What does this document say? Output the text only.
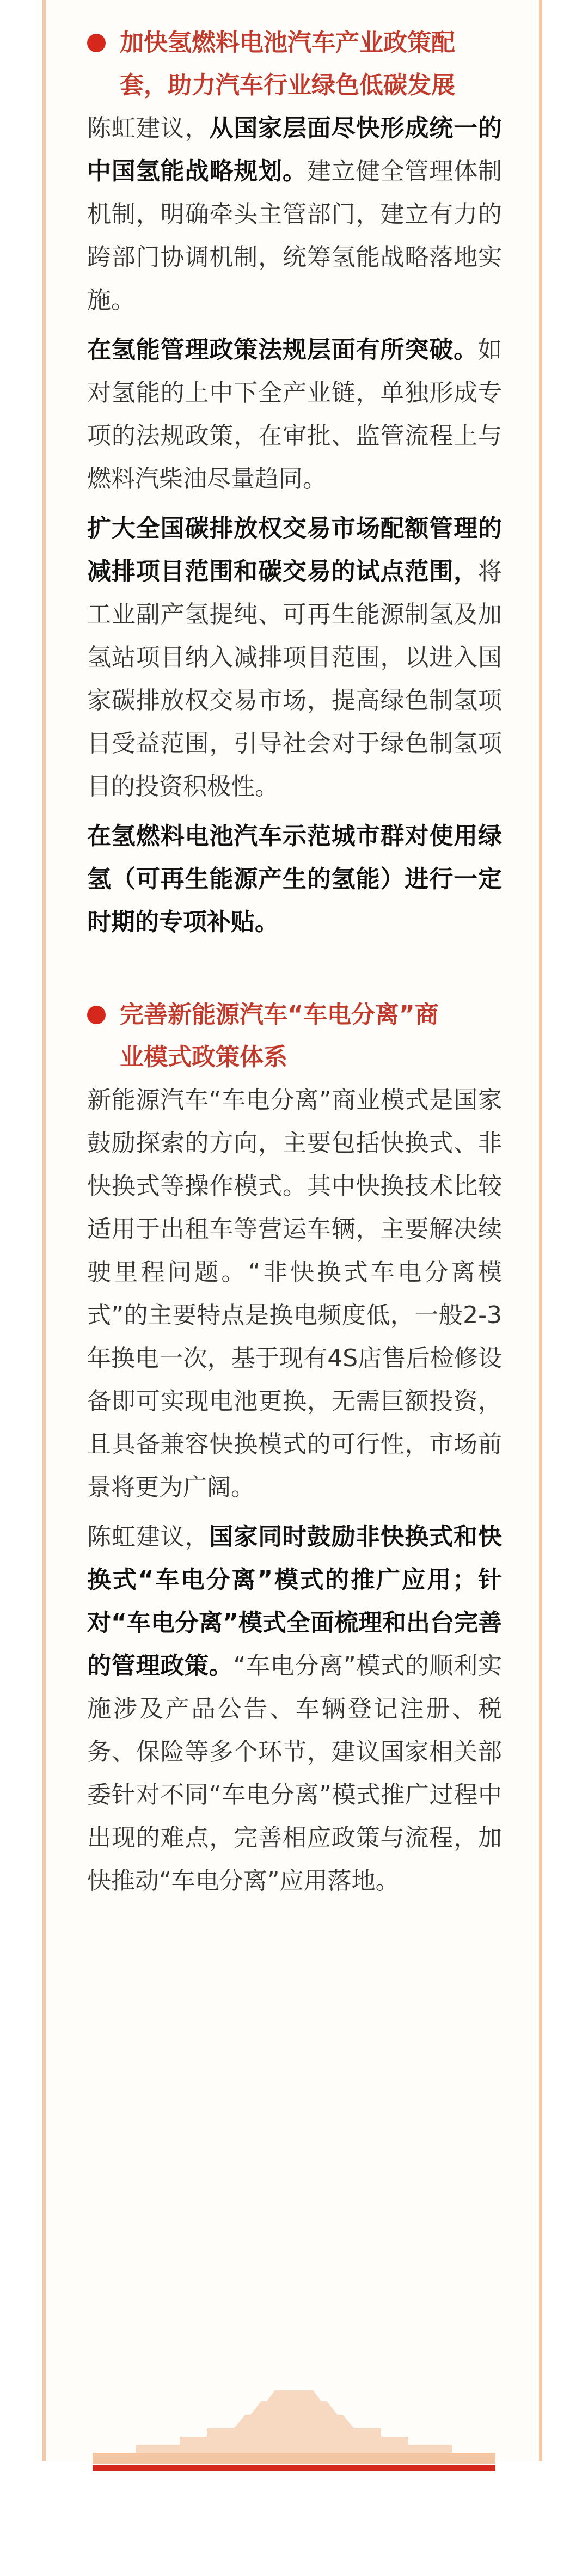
加快氢燃料电池汽车产业政策配
套，助力汽车行业绿色低碳发展

陈虹建议，从国家层面尽快形成统一的中国氢能战略规划。建立健全管理体制机制，明确牵头主管部门，建立有力的跨部门协调机制，统筹氢能战略落地实施。

在氢能管理政策法规层面有所突破。如对氢能的上中下全产业链，单独形成专项的法规政策，在审批、监管流程上与燃料汽柴油尽量趋同。

扩大全国碳排放权交易市场配额管理的减排项目范围和碳交易的试点范围，将工业副产氢提纯、可再生能源制氢及加氢站项目纳入减排项目范围，以进入国家碳排放权交易市场，提高绿色制氢项目受益范围，引导社会对于绿色制氢项目的投资积极性。

在氢燃料电池汽车示范城市群对使用绿氢（可再生能源产生的氢能）进行一定时期的专项补贴。

完善新能源汽车“车电分离”商
业模式政策体系

新能源汽车“车电分离”商业模式是国家鼓励探索的方向，主要包括快换式、非快换式等操作模式。其中快换技术比较适用于出租车等营运车辆，主要解决续驶里程问题。“非快换式车电分离模式”的主要特点是换电频度低，一般2-3年换电一次，基于现有4S店售后检修设备即可实现电池更换，无需巨额投资，且具备兼容快换模式的可行性，市场前景将更为广阔。

陈虹建议，国家同时鼓励非快换式和快换式“车电分离”模式的推广应用；针对“车电分离”模式全面梳理和出台完善的管理政策。“车电分离”模式的顺利实施涉及产品公告、车辆登记注册、税务、保险等多个环节，建议国家相关部委针对不同“车电分离”模式推广过程中出现的难点，完善相应政策与流程，加快推动“车电分离”应用落地。
